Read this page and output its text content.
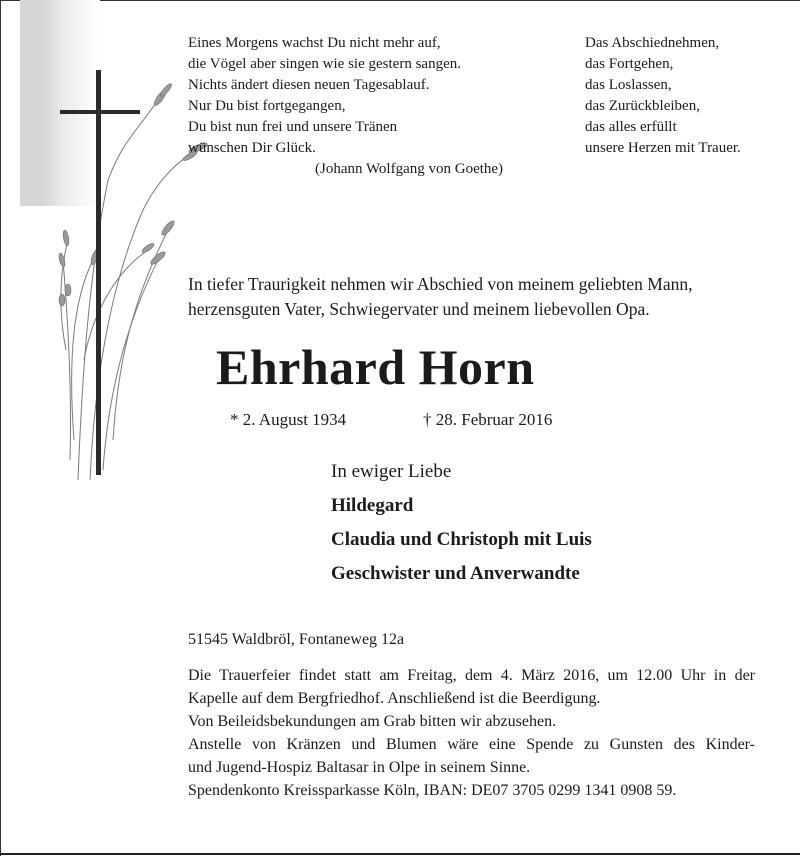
Eines Morgens wachst Du nicht mehr auf,
die Vögel aber singen wie sie gestern sangen.
Nichts ändert diesen neuen Tagesablauf.
Nur Du bist fortgegangen,
Du bist nun frei und unsere Tränen
wünschen Dir Glück.
(Johann Wolfgang von Goethe)
Das Abschiednehmen,
das Fortgehen,
das Loslassen,
das Zurückbleiben,
das alles erfüllt
unsere Herzen mit Trauer.
In tiefer Traurigkeit nehmen wir Abschied von meinem geliebten Mann,
herzensguten Vater, Schwiegervater und meinem liebevollen Opa.
Ehrhard Horn
* 2. August 1934	† 28. Februar 2016
In ewiger Liebe
Hildegard
Claudia und Christoph mit Luis
Geschwister und Anverwandte
51545 Waldbröl, Fontaneweg 12a
Die Trauerfeier findet statt am Freitag, dem 4. März 2016, um 12.00 Uhr in der
Kapelle auf dem Bergfriedhof. Anschließend ist die Beerdigung.
Von Beileidsbekundungen am Grab bitten wir abzusehen.
Anstelle von Kränzen und Blumen wäre eine Spende zu Gunsten des Kinder-
und Jugend-Hospiz Baltasar in Olpe in seinem Sinne.
Spendenkonto Kreissparkasse Köln, IBAN: DE07 3705 0299 1341 0908 59.
